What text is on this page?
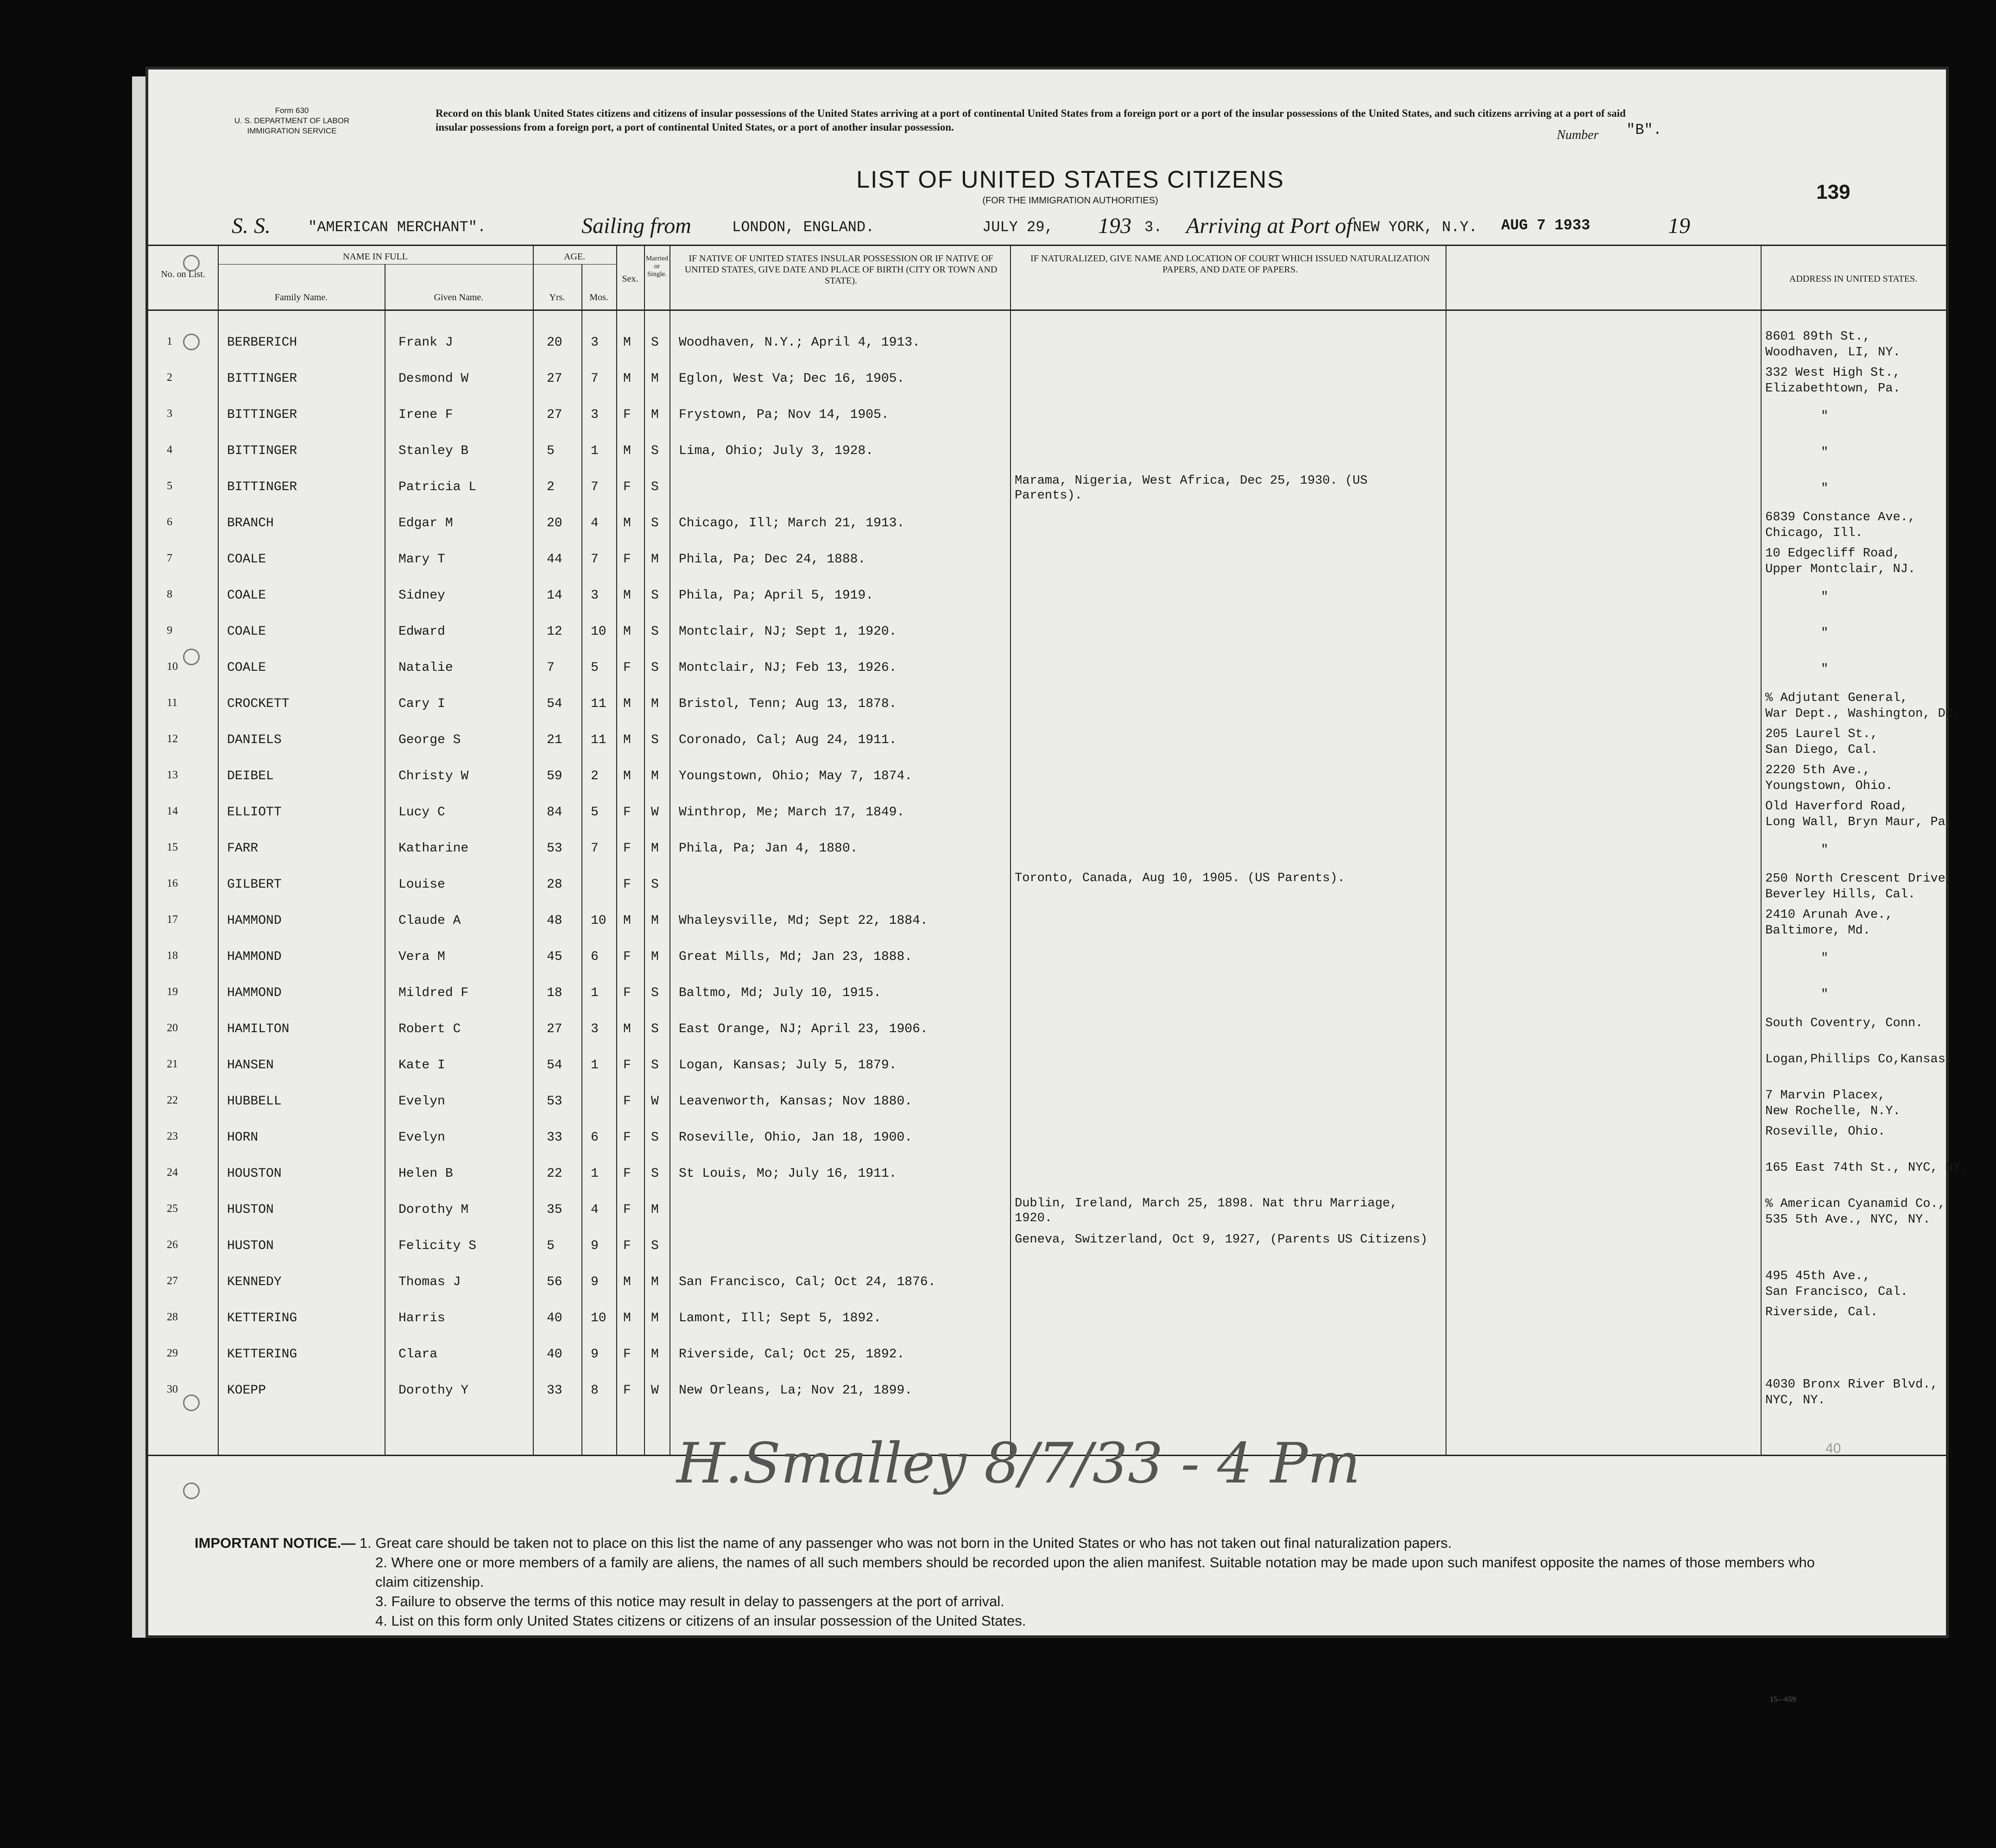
Form 630
U. S. DEPARTMENT OF LABOR
IMMIGRATION SERVICE
Record on this blank United States citizens and citizens of insular possessions of the United States arriving at a port of continental United States from a foreign port or a port of the insular possessions of the United States, and such citizens arriving at a port of said insular possessions from a foreign port, a port of continental United States, or a port of another insular possession.
Number "B".
LIST OF UNITED STATES CITIZENS
(FOR THE IMMIGRATION AUTHORITIES)	139
S. S.	"AMERICAN MERCHANT".	Sailing from	LONDON, ENGLAND.	JULY 29, 193 3. Arriving at Port of NEW YORK, N.Y. AUG 7 1933	19
No. on List.
NAME IN FULL
Family Name.	Given Name.
AGE.
Yrs.	Mos.
Sex.
Married or Single.
IF NATIVE OF UNITED STATES INSULAR POSSESSION OR IF NATIVE OF UNITED STATES, GIVE DATE AND PLACE OF BIRTH (CITY OR TOWN AND STATE).
IF NATURALIZED, GIVE NAME AND LOCATION OF COURT WHICH ISSUED NATURALIZATION PAPERS, AND DATE OF PAPERS.
ADDRESS IN UNITED STATES.
1	BERBERICH	Frank J	20 3 M S Woodhaven, N.Y.; April 4, 1913.	8601 89th St.,
Woodhaven, LI, NY.
2	BITTINGER	Desmond W	27 7 M M Eglon, West Va; Dec 16, 1905.	332 West High St.,
Elizabethtown, Pa.
3	BITTINGER	Irene F	27 3 F M Frystown, Pa; Nov 14, 1905.	"
4	BITTINGER	Stanley B	5	1 M S Lima, Ohio; July 3, 1928.	"
5	BITTINGER	Patricia L	2	7 F S	Marama, Nigeria, West Africa, Dec 25, 1930. (US Parents).	"
6	BRANCH	Edgar M	20 4 M S Chicago, Ill; March 21, 1913.	6839 Constance Ave.,
Chicago, Ill.
7	COALE	Mary T	44 7 F M Phila, Pa; Dec 24, 1888.	10 Edgecliff Road,
Upper Montclair, NJ.
8	COALE	Sidney	14 3 M S Phila, Pa; April 5, 1919.	"
9	COALE	Edward	12 10 M S Montclair, NJ; Sept 1, 1920.	"
10	COALE	Natalie	7	5 F S Montclair, NJ; Feb 13, 1926.	"
11	CROCKETT	Cary I	54 11 M M Bristol, Tenn; Aug 13, 1878.	% Adjutant General,
War Dept., Washington, DC.
12	DANIELS	George S	21 11 M S Coronado, Cal; Aug 24, 1911.	205 Laurel St.,
San Diego, Cal.
13	DEIBEL	Christy W	59 2 M M Youngstown, Ohio; May 7, 1874.	2220 5th Ave.,
Youngstown, Ohio.
14	ELLIOTT	Lucy C	84 5 F W Winthrop, Me; March 17, 1849.	Old Haverford Road,
Long Wall, Bryn Maur, Pa.
15	FARR	Katharine	53 7 F M Phila, Pa; Jan 4, 1880.	"
16	GILBERT	Louise	28	F S	Toronto, Canada, Aug 10, 1905. (US Parents).	250 North Crescent Drive,
Beverley Hills, Cal.
17	HAMMOND	Claude A	48 10 M M Whaleysville, Md; Sept 22, 1884.	2410 Arunah Ave.,
Baltimore, Md.
18	HAMMOND	Vera M	45 6 F M Great Mills, Md; Jan 23, 1888.	"
19	HAMMOND	Mildred F	18 1 F S Baltmo, Md; July 10, 1915.	"
20	HAMILTON	Robert C	27 3 M S East Orange, NJ; April 23, 1906.	South Coventry, Conn.
21	HANSEN	Kate I	54 1 F S Logan, Kansas; July 5, 1879.	Logan,Phillips Co,Kansas.
22	HUBBELL	Evelyn	53	F W Leavenworth, Kansas; Nov 1880.	7 Marvin Placex,
New Rochelle, N.Y.
23	HORN	Evelyn	33 6 F S Roseville, Ohio, Jan 18, 1900.	Roseville, Ohio.
24	HOUSTON	Helen B	22 1 F S St Louis, Mo; July 16, 1911.	165 East 74th St., NYC, NY.
25	HUSTON	Dorothy M	35 4 F M	Dublin, Ireland, March 25, 1898. Nat thru Marriage, 1920.
% American Cyanamid Co.,
535 5th Ave., NYC, NY.
26	HUSTON	Felicity S	5	9 F S	Geneva, Switzerland, Oct 9, 1927, (Parents US Citizens)
27	KENNEDY	Thomas J	56 9 M M San Francisco, Cal; Oct 24, 1876.	495 45th Ave.,
San Francisco, Cal.
28	KETTERING	Harris	40 10 M M Lamont, Ill; Sept 5, 1892.	Riverside, Cal.
29	KETTERING	Clara	40 9 F M Riverside, Cal; Oct 25, 1892.
30	KOEPP	Dorothy Y	33 8 F W New Orleans, La; Nov 21, 1899.	4030 Bronx River Blvd.,
NYC, NY.
H.Smalley 8/7/33 - 4 Pm	40
15—659
IMPORTANT NOTICE.— 1. Great care should be taken not to place on this list the name of any passenger who was not born in the United States or who has not taken out final naturalization papers.
2. Where one or more members of a family are aliens, the names of all such members should be recorded upon the alien manifest. Suitable notation may be made upon such manifest opposite the names of those members who claim citizenship.
3. Failure to observe the terms of this notice may result in delay to passengers at the port of arrival.
4. List on this form only United States citizens or citizens of an insular possession of the United States.
